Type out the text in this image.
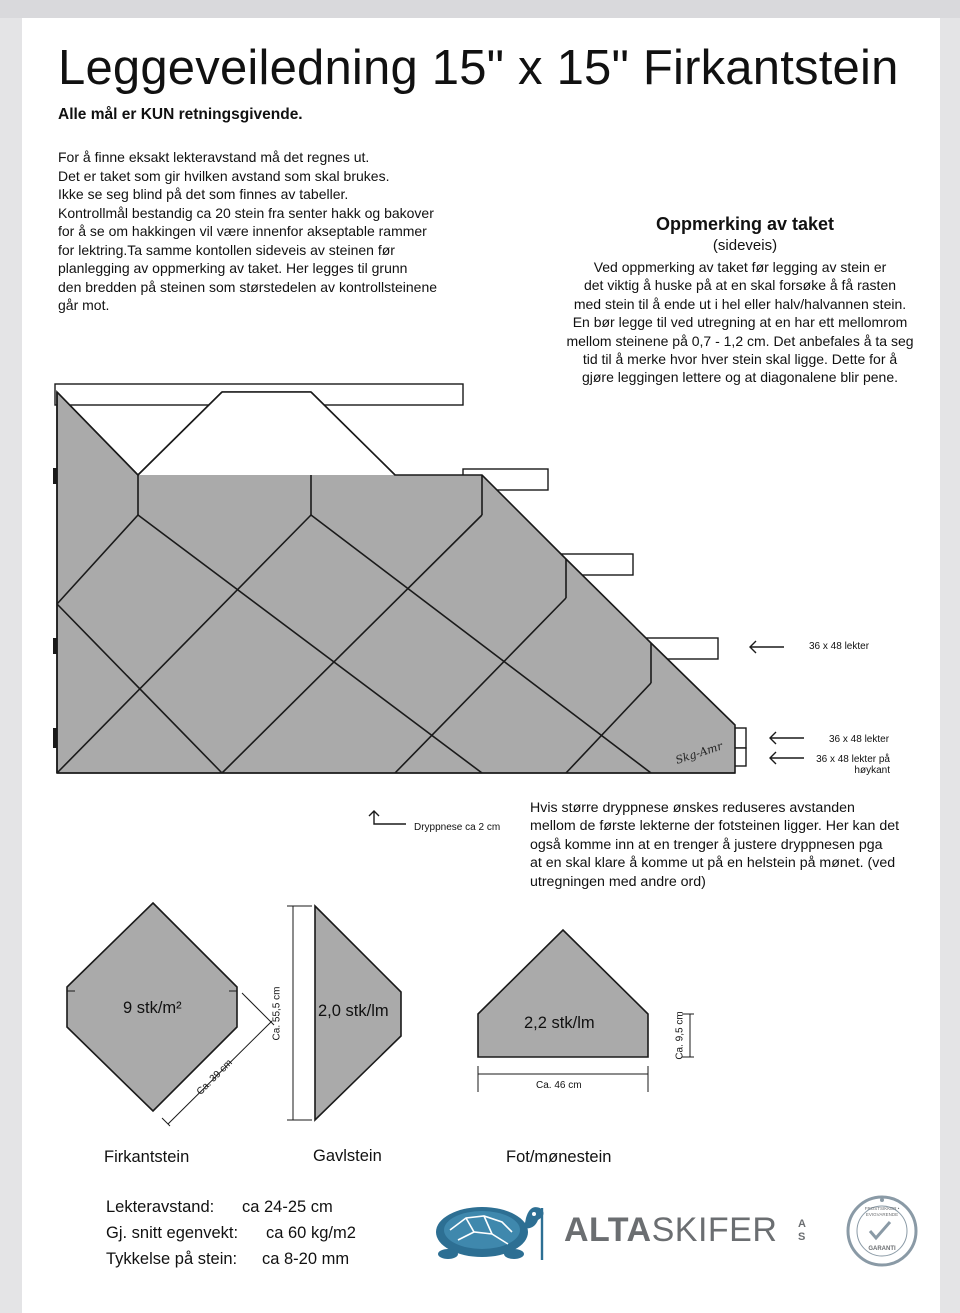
Leggeveiledning 15" x 15" Firkantstein
Alle mål er KUN retningsgivende.
For å finne eksakt lekteravstand må det regnes ut.
Det er taket som gir hvilken avstand som skal brukes.
Ikke se seg blind på det som finnes av tabeller.
Kontrollmål bestandig ca 20 stein fra senter hakk og bakover
for å se om hakkingen vil være innenfor akseptable rammer
for lektring.Ta samme kontollen sideveis av steinen før
planlegging av oppmerking av taket. Her legges til grunn
den bredden på steinen som størstedelen av kontrollsteinene
går mot.
Oppmerking av taket
(sideveis)
Ved oppmerking av taket før legging av stein er
det viktig å huske på at en skal forsøke å få rasten
med stein til å ende ut i hel eller halv/halvannen stein.
En bør legge til ved utregning at en har ett mellomrom
mellom steinene på 0,7 - 1,2 cm. Det anbefales å ta seg
tid til å merke hvor hver stein skal ligge. Dette for å
gjøre leggingen lettere og at diagonalene blir pene.
Skg-Amr
36 x 48 lekter
36 x 48 lekter
36 x 48 lekter på
høykant
Dryppnese ca 2 cm
Hvis større dryppnese ønskes reduseres avstanden
mellom de første lekterne der fotsteinen ligger. Her kan det
også komme inn at en trenger å justere dryppnesen pga
at en skal klare å komme ut på en helstein på mønet. (ved
utregningen med andre ord)
9 stk/m²
Ca. 39 cm
Firkantstein
2,0 stk/lm
Ca. 55,5 cm
Gavlstein
2,2 stk/lm
Ca. 46 cm
Ca. 9,5 cm
Fot/mønestein
Lekteravstand: ca 24-25 cm
Gj. snitt egenvekt: ca 60 kg/m2
Tykkelse på stein: ca 8-20 mm
ALTASKIFER AS
FROSTSIKKER • EVIGVARENDE
GARANTI
